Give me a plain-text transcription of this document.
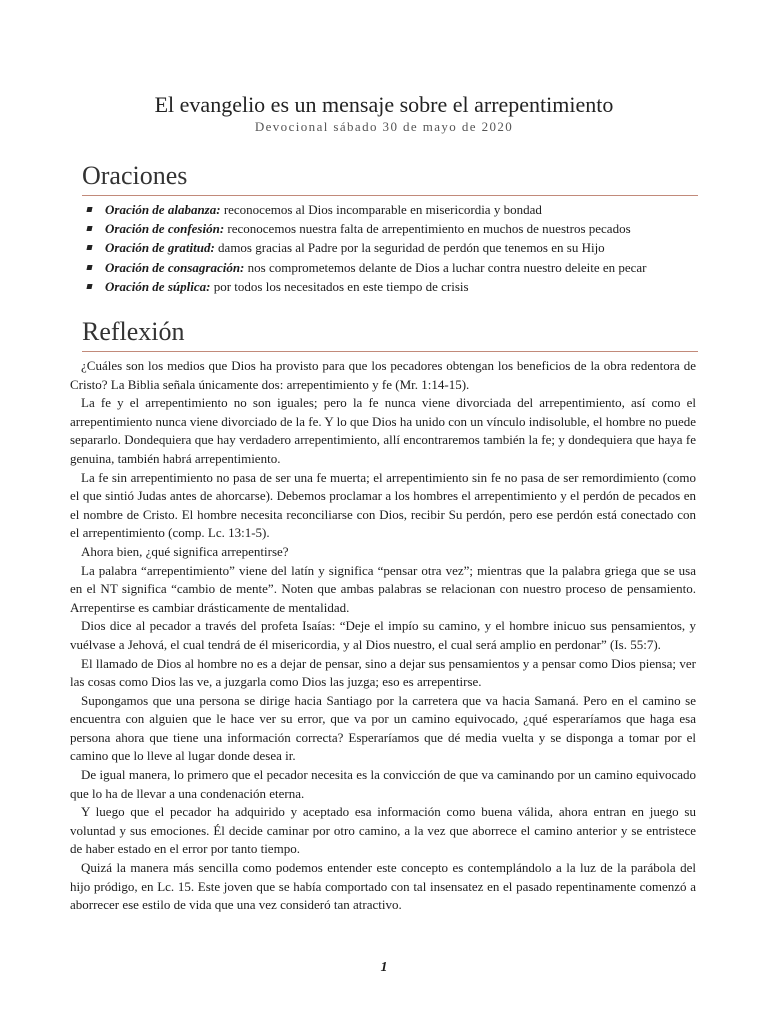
El evangelio es un mensaje sobre el arrepentimiento
Devocional sábado 30 de mayo de 2020
Oraciones
Oración de alabanza: reconocemos al Dios incomparable en misericordia y bondad
Oración de confesión: reconocemos nuestra falta de arrepentimiento en muchos de nuestros pecados
Oración de gratitud: damos gracias al Padre por la seguridad de perdón que tenemos en su Hijo
Oración de consagración: nos comprometemos delante de Dios a luchar contra nuestro deleite en pecar
Oración de súplica: por todos los necesitados en este tiempo de crisis
Reflexión

¿Cuáles son los medios que Dios ha provisto para que los pecadores obtengan los beneficios de la obra redentora de Cristo? La Biblia señala únicamente dos: arrepentimiento y fe (Mr. 1:14-15).

La fe y el arrepentimiento no son iguales; pero la fe nunca viene divorciada del arrepentimiento, así como el arrepentimiento nunca viene divorciado de la fe. Y lo que Dios ha unido con un vínculo indisoluble, el hombre no puede separarlo. Dondequiera que hay verdadero arrepentimiento, allí encontraremos también la fe; y dondequiera que haya fe genuina, también habrá arrepentimiento.

La fe sin arrepentimiento no pasa de ser una fe muerta; el arrepentimiento sin fe no pasa de ser remordimiento (como el que sintió Judas antes de ahorcarse). Debemos proclamar a los hombres el arrepentimiento y el perdón de pecados en el nombre de Cristo. El hombre necesita reconciliarse con Dios, recibir Su perdón, pero ese perdón está conectado con el arrepentimiento (comp. Lc. 13:1-5).

Ahora bien, ¿qué significa arrepentirse?

La palabra “arrepentimiento” viene del latín y significa “pensar otra vez”; mientras que la palabra griega que se usa en el NT significa “cambio de mente”. Noten que ambas palabras se relacionan con nuestro proceso de pensamiento. Arrepentirse es cambiar drásticamente de mentalidad.

Dios dice al pecador a través del profeta Isaías: “Deje el impío su camino, y el hombre inicuo sus pensamientos, y vuélvase a Jehová, el cual tendrá de él misericordia, y al Dios nuestro, el cual será amplio en perdonar” (Is. 55:7).

El llamado de Dios al hombre no es a dejar de pensar, sino a dejar sus pensamientos y a pensar como Dios piensa; ver las cosas como Dios las ve, a juzgarla como Dios las juzga; eso es arrepentirse.

Supongamos que una persona se dirige hacia Santiago por la carretera que va hacia Samaná. Pero en el camino se encuentra con alguien que le hace ver su error, que va por un camino equivocado, ¿qué esperaríamos que haga esa persona ahora que tiene una información correcta? Esperaríamos que dé media vuelta y se disponga a tomar por el camino que lo lleve al lugar donde desea ir.

De igual manera, lo primero que el pecador necesita es la convicción de que va caminando por un camino equivocado que lo ha de llevar a una condenación eterna.

Y luego que el pecador ha adquirido y aceptado esa información como buena válida, ahora entran en juego su voluntad y sus emociones. Él decide caminar por otro camino, a la vez que aborrece el camino anterior y se entristece de haber estado en el error por tanto tiempo.

Quizá la manera más sencilla como podemos entender este concepto es contemplándolo a la luz de la parábola del hijo pródigo, en Lc. 15. Este joven que se había comportado con tal insensatez en el pasado repentinamente comenzó a aborrecer ese estilo de vida que una vez consideró tan atractivo.

1
